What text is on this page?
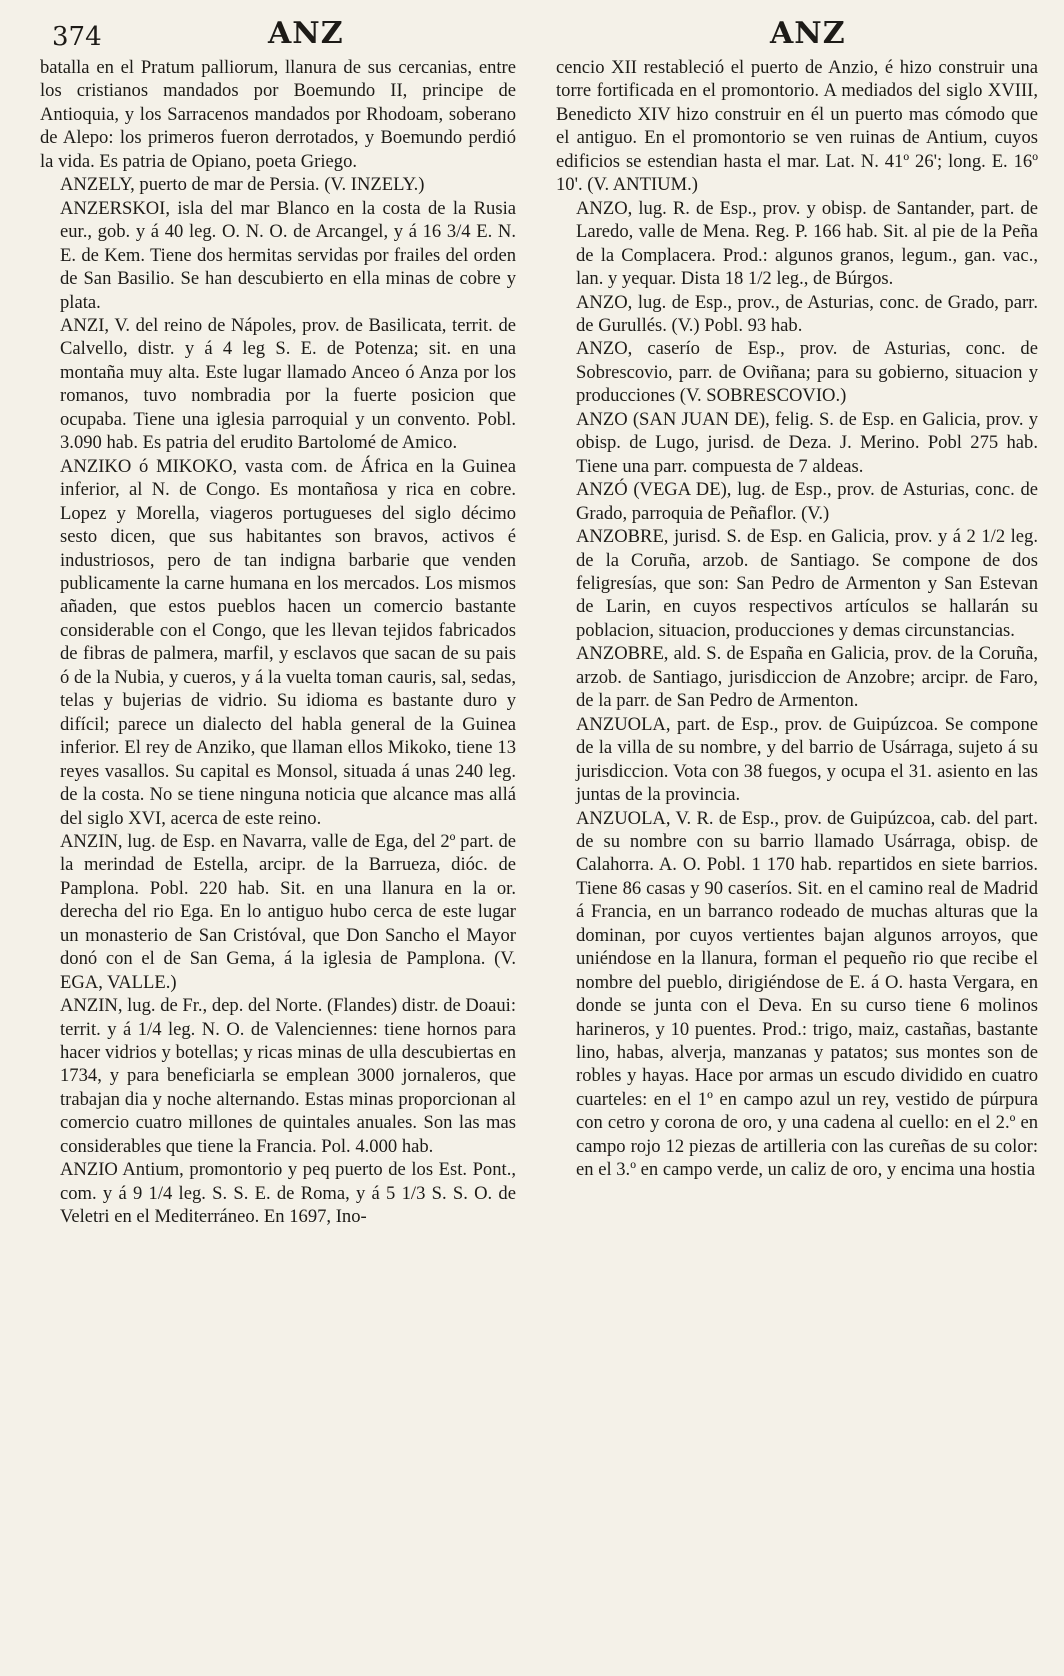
374	ANZ	ANZ

batalla en el Pratum palliorum, llanura de sus cercanias, entre los cristianos mandados por Boemundo II, principe de Antioquia, y los Sarracenos mandados por Rhodoam, soberano de Alepo: los primeros fueron derrotados, y Boemundo perdió la vida. Es patria de Opiano, poeta Griego.

ANZELY, puerto de mar de Persia. (V. INZELY.)

ANZERSKOI, isla del mar Blanco en la costa de la Rusia eur., gob. y á 40 leg. O. N. O. de Arcangel, y á 16 3/4 E. N. E. de Kem. Tiene dos hermitas servidas por frailes del orden de San Basilio. Se han descubierto en ella minas de cobre y plata.

ANZI, V. del reino de Nápoles, prov. de Basilicata, territ. de Calvello, distr. y á 4 leg S. E. de Potenza; sit. en una montaña muy alta. Este lugar llamado Anceo ó Anza por los romanos, tuvo nombradia por la fuerte posicion que ocupaba. Tiene una iglesia parroquial y un convento. Pobl. 3.090 hab. Es patria del erudito Bartolomé de Amico.

ANZIKO ó MIKOKO, vasta com. de África en la Guinea inferior, al N. de Congo. Es montañosa y rica en cobre. Lopez y Morella, viageros portugueses del siglo décimo sesto dicen, que sus habitantes son bravos, activos é industriosos, pero de tan indigna barbarie que venden publicamente la carne humana en los mercados. Los mismos añaden, que estos pueblos hacen un comercio bastante considerable con el Congo, que les llevan tejidos fabricados de fibras de palmera, marfil, y esclavos que sacan de su pais ó de la Nubia, y cueros, y á la vuelta toman cauris, sal, sedas, telas y bujerias de vidrio. Su idioma es bastante duro y difícil; parece un dialecto del habla general de la Guinea inferior. El rey de Anziko, que llaman ellos Mikoko, tiene 13 reyes vasallos. Su capital es Monsol, situada á unas 240 leg. de la costa. No se tiene ninguna noticia que alcance mas allá del siglo XVI, acerca de este reino.

ANZIN, lug. de Esp. en Navarra, valle de Ega, del 2º part. de la merindad de Estella, arcipr. de la Barrueza, dióc. de Pamplona. Pobl. 220 hab. Sit. en una llanura en la or. derecha del rio Ega. En lo antiguo hubo cerca de este lugar un monasterio de San Cristóval, que Don Sancho el Mayor donó con el de San Gema, á la iglesia de Pamplona. (V. EGA, VALLE.)

ANZIN, lug. de Fr., dep. del Norte. (Flandes) distr. de Doaui: territ. y á 1/4 leg. N. O. de Valenciennes: tiene hornos para hacer vidrios y botellas; y ricas minas de ulla descubiertas en 1734, y para beneficiarla se emplean 3000 jornaleros, que trabajan dia y noche alternando. Estas minas proporcionan al comercio cuatro millones de quintales anuales. Son las mas considerables que tiene la Francia. Pol. 4.000 hab.

ANZIO Antium, promontorio y peq puerto de los Est. Pont., com. y á 9 1/4 leg. S. S. E. de Roma, y á 5 1/3 S. S. O. de Veletri en el Mediterráneo. En 1697, Ino-

cencio XII restableció el puerto de Anzio, é hizo construir una torre fortificada en el promontorio. A mediados del siglo XVIII, Benedicto XIV hizo construir en él un puerto mas cómodo que el antiguo. En el promontorio se ven ruinas de Antium, cuyos edificios se estendian hasta el mar. Lat. N. 41º 26'; long. E. 16º 10'. (V. ANTIUM.)

ANZO, lug. R. de Esp., prov. y obisp. de Santander, part. de Laredo, valle de Mena. Reg. P. 166 hab. Sit. al pie de la Peña de la Complacera. Prod.: algunos granos, legum., gan. vac., lan. y yequar. Dista 18 1/2 leg., de Búrgos.

ANZO, lug. de Esp., prov., de Asturias, conc. de Grado, parr. de Gurullés. (V.) Pobl. 93 hab.

ANZO, caserío de Esp., prov. de Asturias, conc. de Sobrescovio, parr. de Oviñana; para su gobierno, situacion y producciones (V. SOBRESCOVIO.)

ANZO (SAN JUAN DE), felig. S. de Esp. en Galicia, prov. y obisp. de Lugo, jurisd. de Deza. J. Merino. Pobl 275 hab. Tiene una parr. compuesta de 7 aldeas.

ANZÓ (VEGA DE), lug. de Esp., prov. de Asturias, conc. de Grado, parroquia de Peñaflor. (V.)

ANZOBRE, jurisd. S. de Esp. en Galicia, prov. y á 2 1/2 leg. de la Coruña, arzob. de Santiago. Se compone de dos feligresías, que son: San Pedro de Armenton y San Estevan de Larin, en cuyos respectivos artículos se hallarán su poblacion, situacion, producciones y demas circunstancias.

ANZOBRE, ald. S. de España en Galicia, prov. de la Coruña, arzob. de Santiago, jurisdiccion de Anzobre; arcipr. de Faro, de la parr. de San Pedro de Armenton.

ANZUOLA, part. de Esp., prov. de Guipúzcoa. Se compone de la villa de su nombre, y del barrio de Usárraga, sujeto á su jurisdiccion. Vota con 38 fuegos, y ocupa el 31. asiento en las juntas de la provincia.

ANZUOLA, V. R. de Esp., prov. de Guipúzcoa, cab. del part. de su nombre con su barrio llamado Usárraga, obisp. de Calahorra. A. O. Pobl. 1 170 hab. repartidos en siete barrios. Tiene 86 casas y 90 caseríos. Sit. en el camino real de Madrid á Francia, en un barranco rodeado de muchas alturas que la dominan, por cuyos vertientes bajan algunos arroyos, que uniéndose en la llanura, forman el pequeño rio que recibe el nombre del pueblo, dirigiéndose de E. á O. hasta Vergara, en donde se junta con el Deva. En su curso tiene 6 molinos harineros, y 10 puentes. Prod.: trigo, maiz, castañas, bastante lino, habas, alverja, manzanas y patatos; sus montes son de robles y hayas. Hace por armas un escudo dividido en cuatro cuarteles: en el 1º en campo azul un rey, vestido de púrpura con cetro y corona de oro, y una cadena al cuello: en el 2.º en campo rojo 12 piezas de artilleria con las cureñas de su color: en el 3.º en campo verde, un caliz de oro, y encima una hostia
